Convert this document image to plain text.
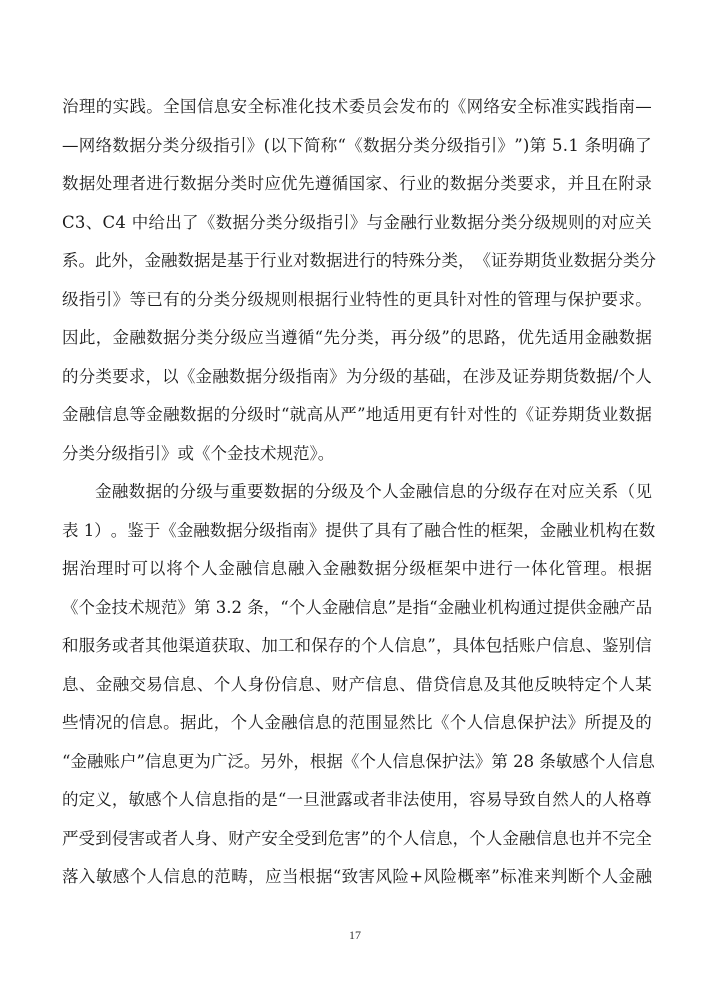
治 理 的 实 践 。 全 国 信 息 安 全 标 准 化 技 术 委 员 会 发 布 的 《 网 络 安 全 标 准 实 践 指 南 —
— 网 络 数 据 分 类 分 级 指 引 》 ( 以 下 简 称 “ 《 数 据 分 类 分 级 指 引 》 ” ) 第
5 . 1
条 明 确 了
数 据 处 理 者 进 行 数 据 分 类 时 应 优 先 遵 循 国 家 、 行 业 的 数 据 分 类 要 求 ， 并 且 在 附 录
C 3 、 C 4
中 给 出 了 《 数 据 分 类 分 级 指 引 》 与 金 融 行 业 数 据 分 类 分 级 规 则 的 对 应 关
系 。 此 外 ， 金 融 数 据 是 基 于 行 业 对 数 据 进 行 的 特 殊 分 类 ， 《 证 券 期 货 业 数 据 分 类 分
级 指 引 》 等 已 有 的 分 类 分 级 规 则 根 据 行 业 特 性 的 更 具 针 对 性 的 管 理 与 保 护 要 求 。
因 此 ， 金 融 数 据 分 类 分 级 应 当 遵 循 “ 先 分 类 ， 再 分 级 ” 的 思 路 ， 优 先 适 用 金 融 数 据
的 分 类 要 求 ， 以 《 金 融 数 据 分 级 指 南 》 为 分 级 的 基 础 ， 在 涉 及 证 券 期 货 数 据 / 个 人
金 融 信 息 等 金 融 数 据 的 分 级 时 “ 就 高 从 严 ” 地 适 用 更 有 针 对 性 的 《 证 券 期 货 业 数 据
分类分级指引》或《个金技术规范》。
金 融 数 据 的 分 级 与 重 要 数 据 的 分 级 及 个 人 金 融 信 息 的 分 级 存 在 对 应 关 系 （ 见
表
1 ） 。 鉴 于 《 金 融 数 据 分 级 指 南 》 提 供 了 具 有 了 融 合 性 的 框 架 ， 金 融 业 机 构 在 数
据 治 理 时 可 以 将 个 人 金 融 信 息 融 入 金 融 数 据 分 级 框 架 中 进 行 一 体 化 管 理 。 根 据
《 个 金 技 术 规 范 》 第
3 . 2
条 ， “ 个 人 金 融 信 息 ” 是 指 “ 金 融 业 机 构 通 过 提 供 金 融 产 品
和 服 务 或 者 其 他 渠 道 获 取 、 加 工 和 保 存 的 个 人 信 息 ” ， 具 体 包 括 账 户 信 息 、 鉴 别 信
息 、 金 融 交 易 信 息 、 个 人 身 份 信 息 、 财 产 信 息 、 借 贷 信 息 及 其 他 反 映 特 定 个 人 某
些 情 况 的 信 息 。 据 此 ， 个 人 金 融 信 息 的 范 围 显 然 比 《 个 人 信 息 保 护 法 》 所 提 及 的
“ 金 融 账 户 ” 信 息 更 为 广 泛 。 另 外 ， 根 据 《 个 人 信 息 保 护 法 》 第
2 8
条 敏 感 个 人 信 息
的 定 义 ， 敏 感 个 人 信 息 指 的 是 “ 一 旦 泄 露 或 者 非 法 使 用 ， 容 易 导 致 自 然 人 的 人 格 尊
严 受 到 侵 害 或 者 人 身 、 财 产 安 全 受 到 危 害 ” 的 个 人 信 息 ， 个 人 金 融 信 息 也 并 不 完 全
落 入 敏 感 个 人 信 息 的 范 畴 ， 应 当 根 据 “ 致 害 风 险 + 风 险 概 率 ” 标 准 来 判 断 个 人 金 融
17
